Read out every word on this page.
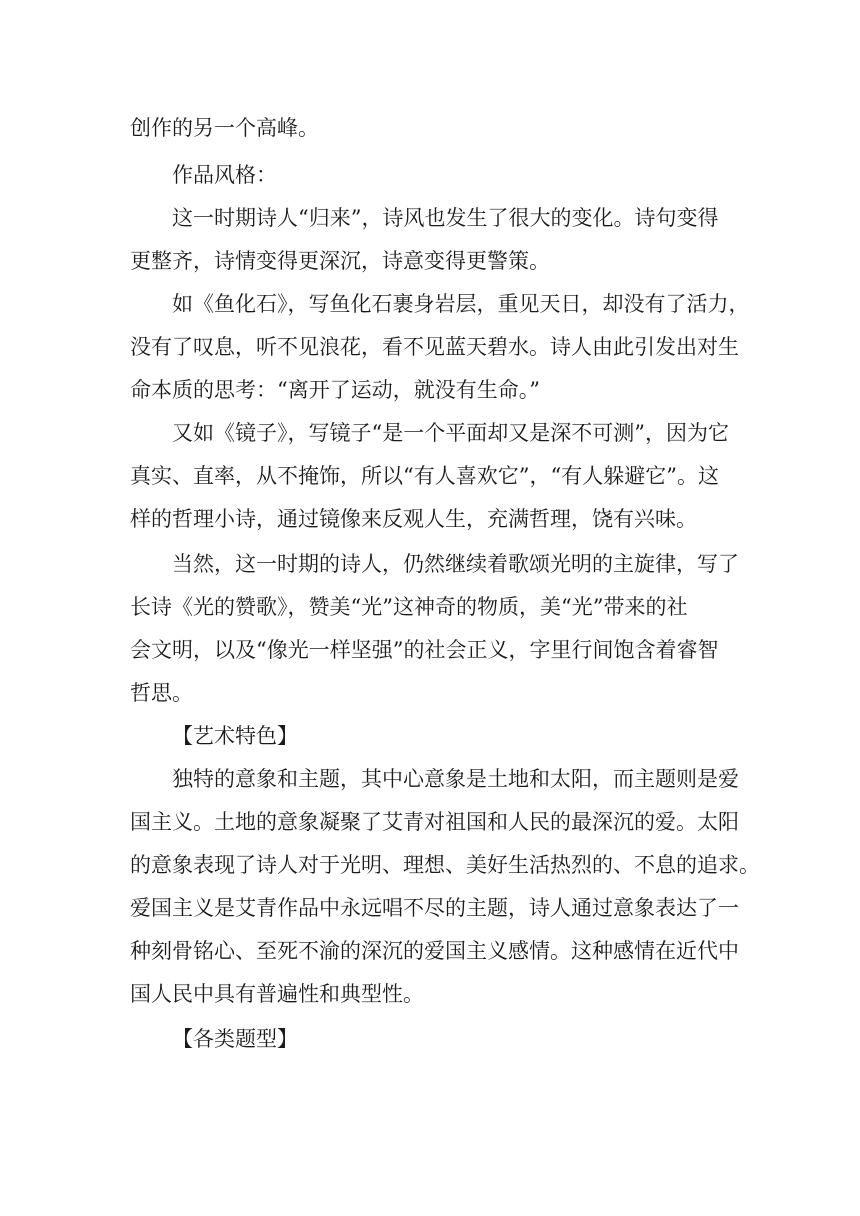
创作的另一个高峰。
作品风格：
这一时期诗人“归来”，诗风也发生了很大的变化。诗句变得
更整齐，诗情变得更深沉，诗意变得更警策。
如《鱼化石》，写鱼化石裹身岩层，重见天日，却没有了活力，
没有了叹息，听不见浪花，看不见蓝天碧水。诗人由此引发出对生
命本质的思考：“离开了运动，就没有生命。”
又如《镜子》，写镜子“是一个平面却又是深不可测”，因为它
真实、直率，从不掩饰，所以“有人喜欢它”，“有人躲避它”。这
样的哲理小诗，通过镜像来反观人生，充满哲理，饶有兴味。
当然，这一时期的诗人，仍然继续着歌颂光明的主旋律，写了
长诗《光的赞歌》，赞美“光”这神奇的物质，美“光”带来的社
会文明，以及“像光一样坚强”的社会正义，字里行间饱含着睿智
哲思。
【艺术特色】
独特的意象和主题，其中心意象是土地和太阳，而主题则是爱
国主义。土地的意象凝聚了艾青对祖国和人民的最深沉的爱。太阳
的意象表现了诗人对于光明、理想、美好生活热烈的、不息的追求。
爱国主义是艾青作品中永远唱不尽的主题，诗人通过意象表达了一
种刻骨铭心、至死不渝的深沉的爱国主义感情。这种感情在近代中
国人民中具有普遍性和典型性。
【各类题型】
